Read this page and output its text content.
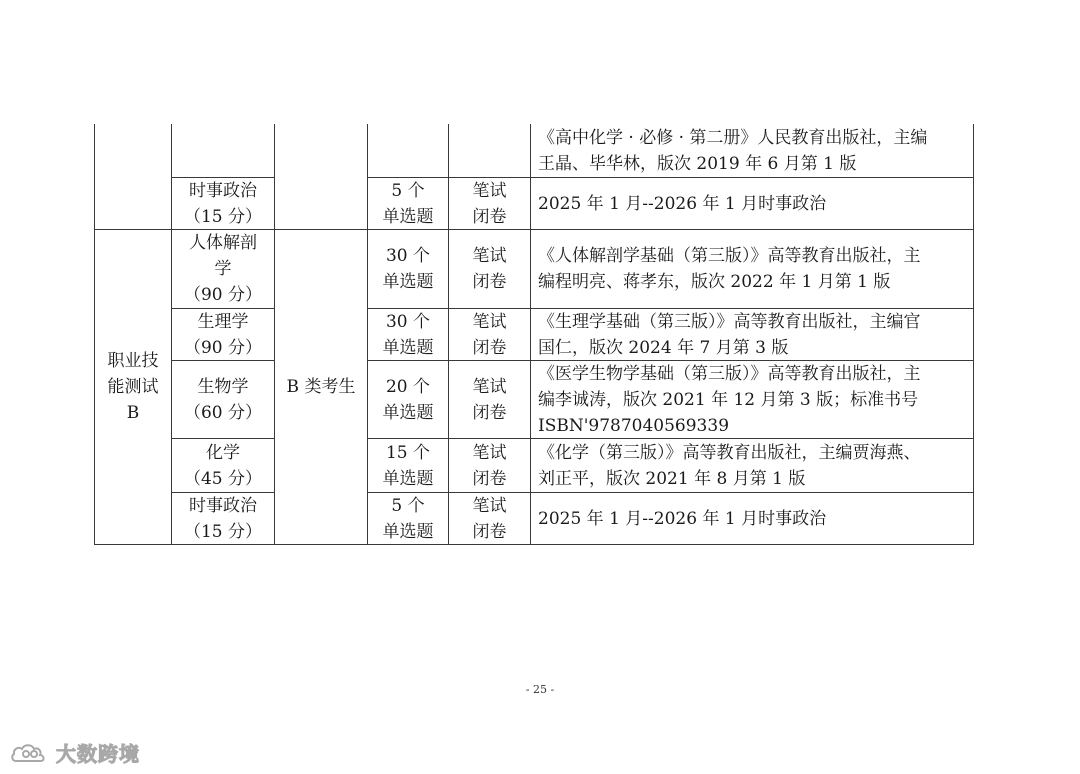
《高中化学 · 必修 · 第二册》人民教育出版社，主编
王晶、毕华林，版次 2019 年 6 月第 1 版
时事政治
（15 分）
5 个
单选题
笔试
闭卷
2025 年 1 月--2026 年 1 月时事政治
职业技
能测试
B
B 类考生
人体解剖
学
（90 分）
30 个
单选题
笔试
闭卷
《人体解剖学基础（第三版）》高等教育出版社，主
编程明亮、蒋孝东，版次 2022 年 1 月第 1 版
生理学
（90 分）
30 个
单选题
笔试
闭卷
《生理学基础（第三版）》高等教育出版社，主编官
国仁，版次 2024 年 7 月第 3 版
生物学
（60 分）
20 个
单选题
笔试
闭卷
《医学生物学基础（第三版）》高等教育出版社，主
编李诚涛，版次 2021 年 12 月第 3 版；标准书号
ISBN'9787040569339
化学
（45 分）
15 个
单选题
笔试
闭卷
《化学（第三版）》高等教育出版社，主编贾海燕、
刘正平，版次 2021 年 8 月第 1 版
时事政治
（15 分）
5 个
单选题
笔试
闭卷
2025 年 1 月--2026 年 1 月时事政治
- 25 -
大数跨境
